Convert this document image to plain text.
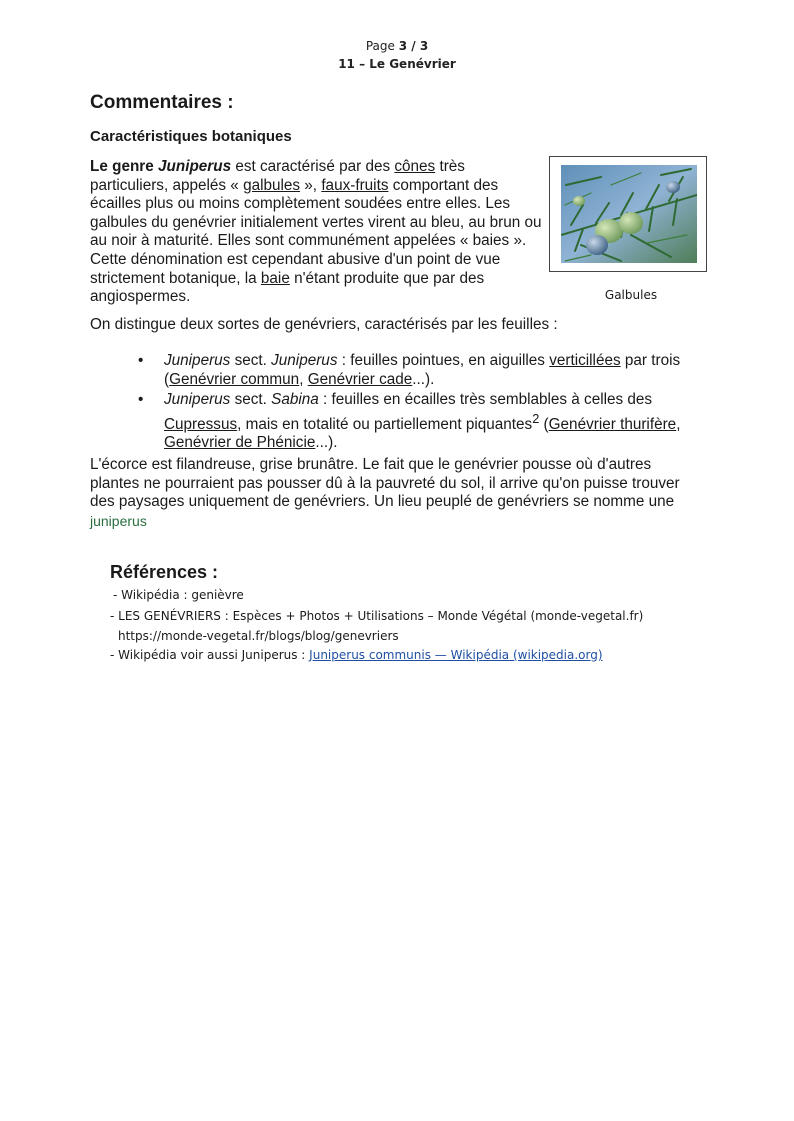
Page 3 / 3
11 – Le Genévrier
Commentaires :
Caractéristiques botaniques

Le genre Juniperus est caractérisé par des cônes très particuliers, appelés « galbules », faux-fruits comportant des écailles plus ou moins complètement soudées entre elles. Les galbules du genévrier initialement vertes virent au bleu, au brun ou au noir à maturité. Elles sont communément appelées « baies ». Cette dénomination est cependant abusive d'un point de vue strictement botanique, la baie n'étant produite que par des angiospermes.	Galbules

On distingue deux sortes de genévriers, caractérisés par les feuilles :

• Juniperus sect. Juniperus : feuilles pointues, en aiguilles verticillées par trois (Genévrier commun, Genévrier cade...).
• Juniperus sect. Sabina : feuilles en écailles très semblables à celles des Cupressus, mais en totalité ou partiellement piquantes$^2$ (Genévrier thurifère, Genévrier de Phénicie...).

L'écorce est filandreuse, grise brunâtre. Le fait que le genévrier pousse où d'autres plantes ne pourraient pas pousser dû à la pauvreté du sol, il arrive qu'on puisse trouver des paysages uniquement de genévriers. Un lieu peuplé de genévriers se nomme une juniperus

Références :
- Wikipédia : genièvre
- LES GENÉVRIERS : Espèces + Photos + Utilisations – Monde Végétal (monde-vegetal.fr)
https://monde-vegetal.fr/blogs/blog/genevriers
- Wikipédia voir aussi Juniperus : Juniperus communis — Wikipédia (wikipedia.org)
